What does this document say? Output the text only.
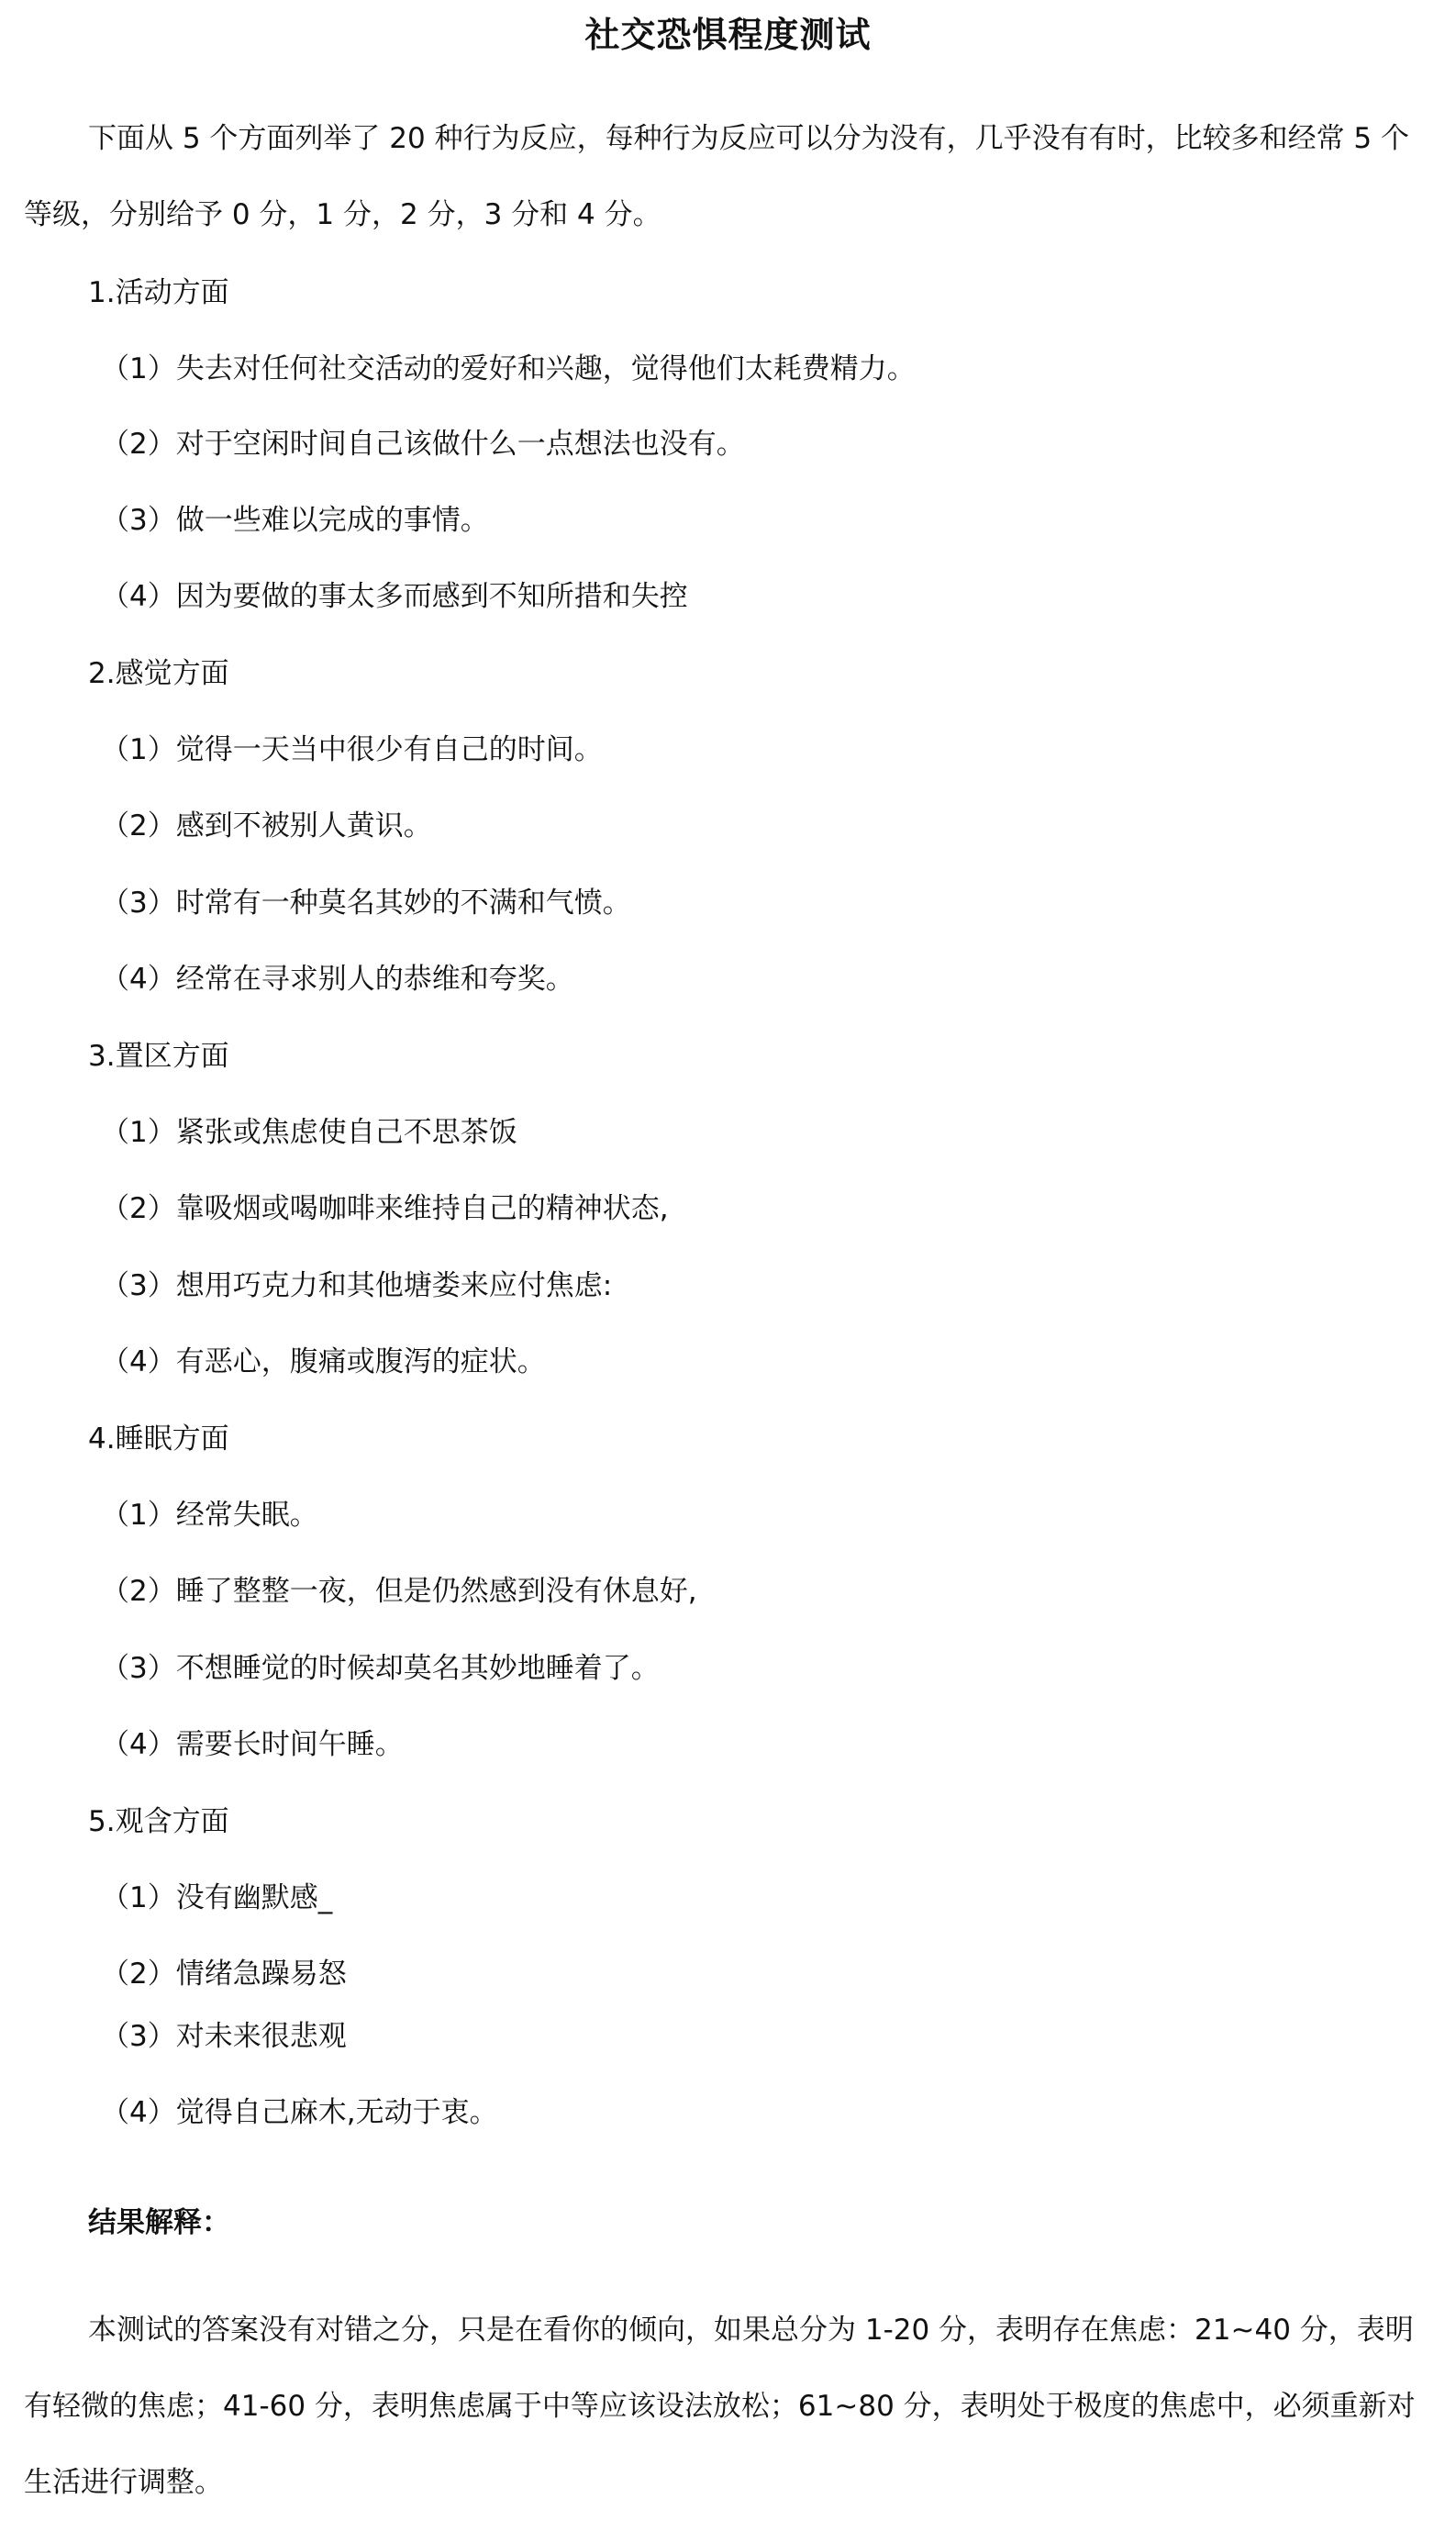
社交恐惧程度测试

下面从 5 个方面列举了 20 种行为反应，每种行为反应可以分为没有，几乎没有有时，比较多和经常 5 个等级，分别给予 0 分，1 分，2 分，3 分和 4 分。

1.活动方面
（1）失去对任何社交活动的爱好和兴趣，觉得他们太耗费精力。
（2）对于空闲时间自己该做什么一点想法也没有。
（3）做一些难以完成的事情。
（4）因为要做的事太多而感到不知所措和失控
2.感觉方面
（1）觉得一天当中很少有自己的时间。
（2）感到不被别人黄识。
（3）时常有一种莫名其妙的不满和气愤。
（4）经常在寻求别人的恭维和夸奖。
3.置区方面
（1）紧张或焦虑使自己不思茶饭
（2）靠吸烟或喝咖啡来维持自己的精神状态,
（3）想用巧克力和其他塘娄来应付焦虑:
（4）有恶心，腹痛或腹泻的症状。
4.睡眠方面
（1）经常失眠。
（2）睡了整整一夜，但是仍然感到没有休息好,
（3）不想睡觉的时候却莫名其妙地睡着了。
（4）需要长时间午睡。
5.观含方面
（1）没有幽默感_
（2）情绪急躁易怒
（3）对未来很悲观
（4）觉得自己麻木,无动于衷。
结果解释：

本测试的答案没有对错之分，只是在看你的倾向，如果总分为 1-20 分，表明存在焦虑：21~40 分，表明有轻微的焦虑；41-60 分，表明焦虑属于中等应该设法放松；61~80 分，表明处于极度的焦虑中，必须重新对生活进行调整。
